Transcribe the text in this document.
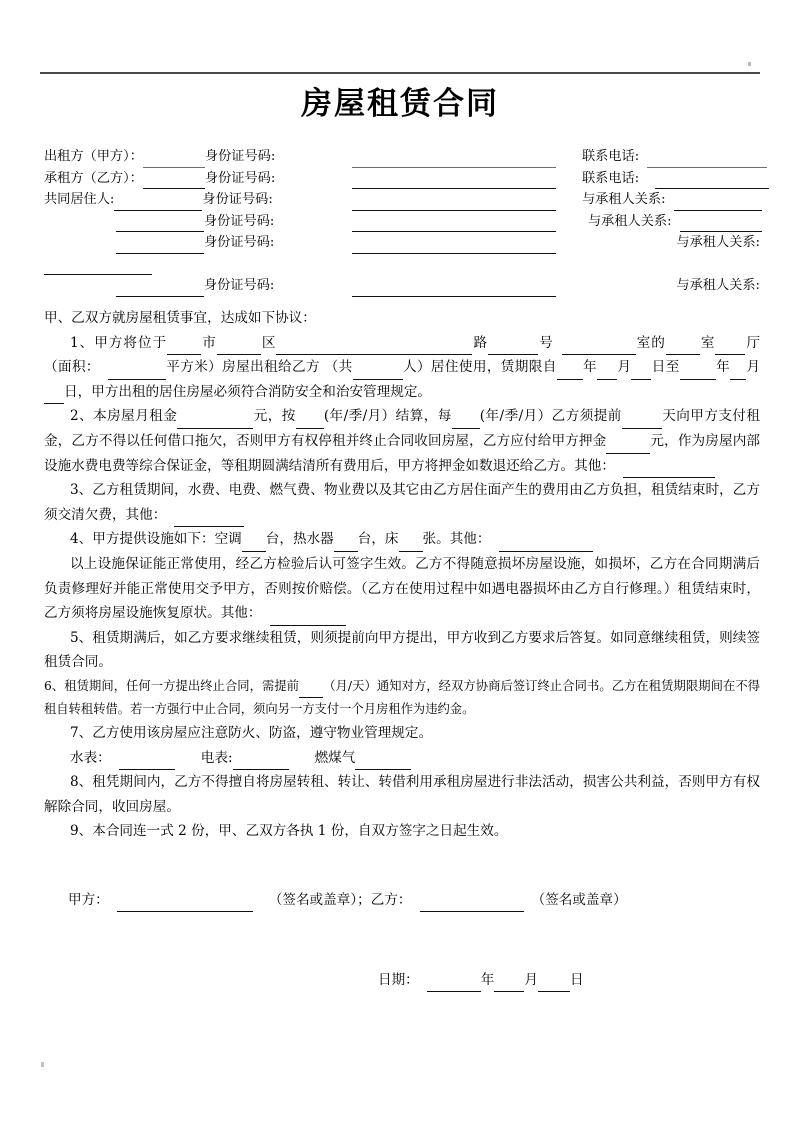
房屋租赁合同
出租方（甲方）：	身份证号码:	联系电话:
承租方（乙方）：	身份证号码:	联系电话:
共同居住人:	身份证号码:	与承租人关系:
身份证号码:	与承租人关系:
身份证号码:	与承租人关系:
身份证号码:	与承租人关系:

甲、乙双方就房屋租赁事宜，达成如下协议：

1、甲方将位于	市	区	路	号	室的	室 厅（面积：	平方米）房屋出租给乙方 （共	人）居住使用，赁期限自 年 月 日至	年 月日，甲方出租的居住房屋必须符合消防安全和治安管理规定。

2、本房屋月租金	元，按 (年/季/月）结算，每 (年/季/月）乙方须提前	天向甲方支付租金，乙方不得以任何借口拖欠，否则甲方有权停租并终止合同收回房屋，乙方应付给甲方押金	元，作为房屋内部设施水费电费等综合保证金，等租期圆满结清所有费用后，甲方将押金如数退还给乙方。其他：

3、乙方租赁期间，水费、电费、燃气费、物业费以及其它由乙方居住面产生的费用由乙方负担，租赁结束时，乙方须交清欠费，其他：

4、甲方提供设施如下：空调 台，热水器 台，床 张。其他：

以上设施保证能正常使用，经乙方检验后认可签字生效。乙方不得随意损坏房屋设施，如损坏，乙方在合同期满后负责修理好并能正常使用交予甲方，否则按价赔偿。（乙方在使用过程中如遇电器损坏由乙方自行修理。）租赁结束时，乙方须将房屋设施恢复原状。其他：

5、租赁期满后，如乙方要求继续租赁，则须提前向甲方提出，甲方收到乙方要求后答复。如同意继续租赁，则续签租赁合同。

6、租赁期间，任何一方提出终止合同，需提前 （月/天）通知对方，经双方协商后签订终止合同书。乙方在租赁期限期间在不得租自转租转借。若一方强行中止合同，须向另一方支付一个月房租作为违约金。

7、乙方使用该房屋应注意防火、防盗，遵守物业管理规定。

水表：	电表:	燃煤气

8、租凭期间内，乙方不得擅自将房屋转租、转让、转借利用承租房屋进行非法活动，损害公共利益，否则甲方有权解除合同，收回房屋。

9、本合同连一式 2 份，甲、乙双方各执 1 份，自双方签字之日起生效。

甲方：	（签名或盖章）；乙方：	（签名或盖章）
日期：	年 月 日
